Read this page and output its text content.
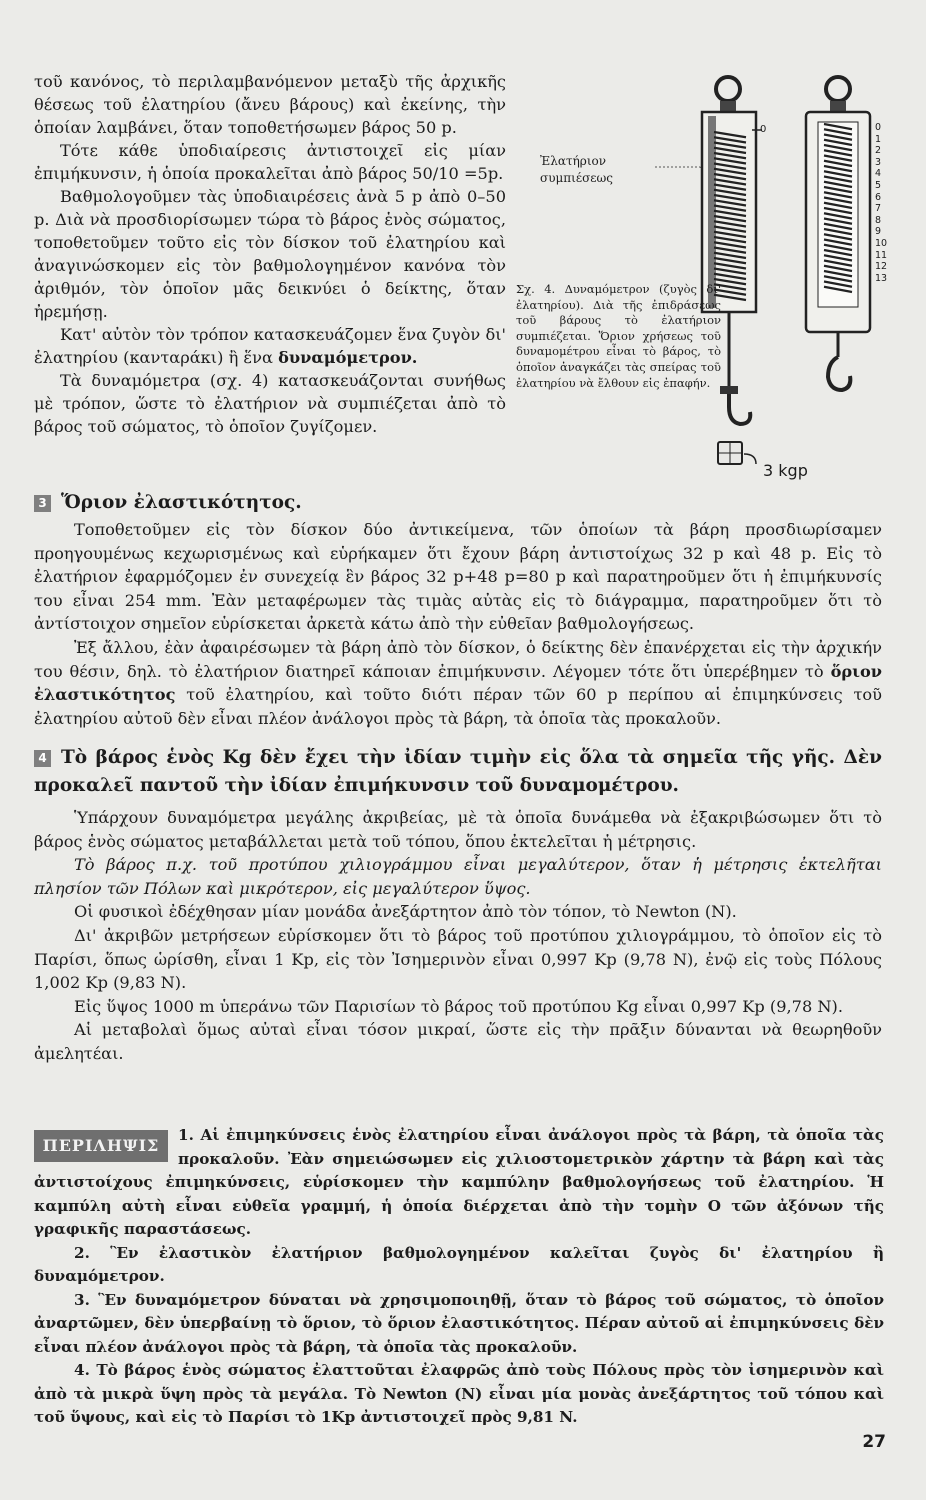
τοῦ κανόνος, τὸ περιλαμβανόμενον μεταξὺ τῆς ἀρχικῆς θέσεως τοῦ ἐλατηρίου (ἄνευ βάρους) καὶ ἐκείνης, τὴν ὁποίαν λαμβάνει, ὅταν τοποθετήσωμεν βάρος 50 p.

Τότε κάθε ὑποδιαίρεσις ἀντιστοιχεῖ εἰς μίαν ἐπιμήκυνσιν, ἡ ὁποία προκαλεῖται ἀπὸ βάρος 50/10 =5p.

Βαθμολογοῦμεν τὰς ὑποδιαιρέσεις ἀνὰ 5 p ἀπὸ 0–50 p. Διὰ νὰ προσδιορίσωμεν τώρα τὸ βάρος ἑνὸς σώματος, τοποθετοῦμεν τοῦτο εἰς τὸν δίσκον τοῦ ἐλατηρίου καὶ ἀναγινώσκομεν εἰς τὸν βαθμολογημένον κανόνα τὸν ἀριθμόν, τὸν ὁποῖον μᾶς δεικνύει ὁ δείκτης, ὅταν ἠρεμήσῃ.

Κατ' αὐτὸν τὸν τρόπον κατασκευάζομεν ἕνα ζυγὸν δι' ἐλατηρίου (κανταράκι) ἢ ἕνα δυναμόμετρον.

Τὰ δυναμόμετρα (σχ. 4) κατασκευάζονται συνήθως μὲ τρόπον, ὥστε τὸ ἐλατήριον νὰ συμπιέζεται ἀπὸ τὸ βάρος τοῦ σώματος, τὸ ὁποῖον ζυγίζομεν.

Ἐλατήριον συμπιέσεως
0	0
1
2
3
4
5
6
7
8
9
10
11
12
13
3 kgp
Σχ. 4. Δυναμόμετρον (ζυγὸς δι' ἐλατηρίου). Διὰ τῆς ἐπιδράσεως τοῦ βάρους τὸ ἐλατήριον συμπιέζεται. Ὅριον χρήσεως τοῦ δυναμομέτρου εἶναι τὸ βάρος, τὸ ὁποῖον ἀναγκάζει τὰς σπείρας τοῦ ἐλατηρίου νὰ ἔλθουν εἰς ἐπαφήν.
3 Ὅριον ἐλαστικότητος.

Τοποθετοῦμεν εἰς τὸν δίσκον δύο ἀντικείμενα, τῶν ὁποίων τὰ βάρη προσδιωρίσαμεν προηγουμένως κεχωρισμένως καὶ εὑρήκαμεν ὅτι ἔχουν βάρη ἀντιστοίχως 32 p καὶ 48 p. Εἰς τὸ ἐλατήριον ἐφαρμόζομεν ἐν συνεχείᾳ ἓν βάρος 32 p+48 p=80 p καὶ παρατηροῦμεν ὅτι ἡ ἐπιμήκυνσίς του εἶναι 254 mm. Ἐὰν μεταφέρωμεν τὰς τιμὰς αὐτὰς εἰς τὸ διάγραμμα, παρατηροῦμεν ὅτι τὸ ἀντίστοιχον σημεῖον εὑρίσκεται ἀρκετὰ κάτω ἀπὸ τὴν εὐθεῖαν βαθμολογήσεως.

Ἐξ ἄλλου, ἐὰν ἀφαιρέσωμεν τὰ βάρη ἀπὸ τὸν δίσκον, ὁ δείκτης δὲν ἐπανέρχεται εἰς τὴν ἀρχικήν του θέσιν, δηλ. τὸ ἐλατήριον διατηρεῖ κάποιαν ἐπιμήκυνσιν. Λέγομεν τότε ὅτι ὑπερέβημεν τὸ ὅριον ἐλαστικότητος τοῦ ἐλατηρίου, καὶ τοῦτο διότι πέραν τῶν 60 p περίπου αἱ ἐπιμηκύνσεις τοῦ ἐλατηρίου αὐτοῦ δὲν εἶναι πλέον ἀνάλογοι πρὸς τὰ βάρη, τὰ ὁποῖα τὰς προκαλοῦν.

4 Τὸ βάρος ἑνὸς Kg δὲν ἔχει τὴν ἰδίαν τιμὴν εἰς ὅλα τὰ σημεῖα τῆς γῆς. Δὲν προκαλεῖ παντοῦ τὴν ἰδίαν ἐπιμήκυνσιν τοῦ δυναμομέτρου.

Ὑπάρχουν δυναμόμετρα μεγάλης ἀκριβείας, μὲ τὰ ὁποῖα δυνάμεθα νὰ ἐξακριβώσωμεν ὅτι τὸ βάρος ἑνὸς σώματος μεταβάλλεται μετὰ τοῦ τόπου, ὅπου ἐκτελεῖται ἡ μέτρησις.

Τὸ βάρος π.χ. τοῦ προτύπου χιλιογράμμου εἶναι μεγαλύτερον, ὅταν ἡ μέτρησις ἐκτελῆται πλησίον τῶν Πόλων καὶ μικρότερον, εἰς μεγαλύτερον ὕψος.

Οἱ φυσικοὶ ἐδέχθησαν μίαν μονάδα ἀνεξάρτητον ἀπὸ τὸν τόπον, τὸ Newton (N).

Δι' ἀκριβῶν μετρήσεων εὑρίσκομεν ὅτι τὸ βάρος τοῦ προτύπου χιλιογράμμου, τὸ ὁποῖον εἰς τὸ Παρίσι, ὅπως ὡρίσθη, εἶναι 1 Kp, εἰς τὸν Ἰσημερινὸν εἶναι 0,997 Kp (9,78 N), ἐνῷ εἰς τοὺς Πόλους 1,002 Kp (9,83 N).

Εἰς ὕψος 1000 m ὑπεράνω τῶν Παρισίων τὸ βάρος τοῦ προτύπου Kg εἶναι 0,997 Kp (9,78 N).

Αἱ μεταβολαὶ ὅμως αὐταὶ εἶναι τόσον μικραί, ὥστε εἰς τὴν πρᾶξιν δύνανται νὰ θεωρηθοῦν ἀμελητέαι.

ΠΕΡΙΛΗΨΙΣ

1. Αἱ ἐπιμηκύνσεις ἑνὸς ἐλατηρίου εἶναι ἀνάλογοι πρὸς τὰ βάρη, τὰ ὁποῖα τὰς προκαλοῦν. Ἐὰν σημειώσωμεν εἰς χιλιοστομετρικὸν χάρτην τὰ βάρη καὶ τὰς ἀντιστοίχους ἐπιμηκύνσεις, εὑρίσκομεν τὴν καμπύλην βαθμολογήσεως τοῦ ἐλατηρίου. Ἡ καμπύλη αὐτὴ εἶναι εὐθεῖα γραμμή, ἡ ὁποία διέρχεται ἀπὸ τὴν τομὴν O τῶν ἀξόνων τῆς γραφικῆς παραστάσεως.

2. Ἓν ἐλαστικὸν ἐλατήριον βαθμολογημένον καλεῖται ζυγὸς δι' ἐλατηρίου ἢ δυναμόμετρον.

3. Ἓν δυναμόμετρον δύναται νὰ χρησιμοποιηθῇ, ὅταν τὸ βάρος τοῦ σώματος, τὸ ὁποῖον ἀναρτῶμεν, δὲν ὑπερβαίνῃ τὸ ὅριον, τὸ ὅριον ἐλαστικότητος. Πέραν αὐτοῦ αἱ ἐπιμηκύνσεις δὲν εἶναι πλέον ἀνάλογοι πρὸς τὰ βάρη, τὰ ὁποῖα τὰς προκαλοῦν.

4. Τὸ βάρος ἑνὸς σώματος ἐλαττοῦται ἐλαφρῶς ἀπὸ τοὺς Πόλους πρὸς τὸν ἰσημερινὸν καὶ ἀπὸ τὰ μικρὰ ὕψη πρὸς τὰ μεγάλα. Τὸ Newton (N) εἶναι μία μονὰς ἀνεξάρτητος τοῦ τόπου καὶ τοῦ ὕψους, καὶ εἰς τὸ Παρίσι τὸ 1Kp ἀντιστοιχεῖ πρὸς 9,81 N.

27
